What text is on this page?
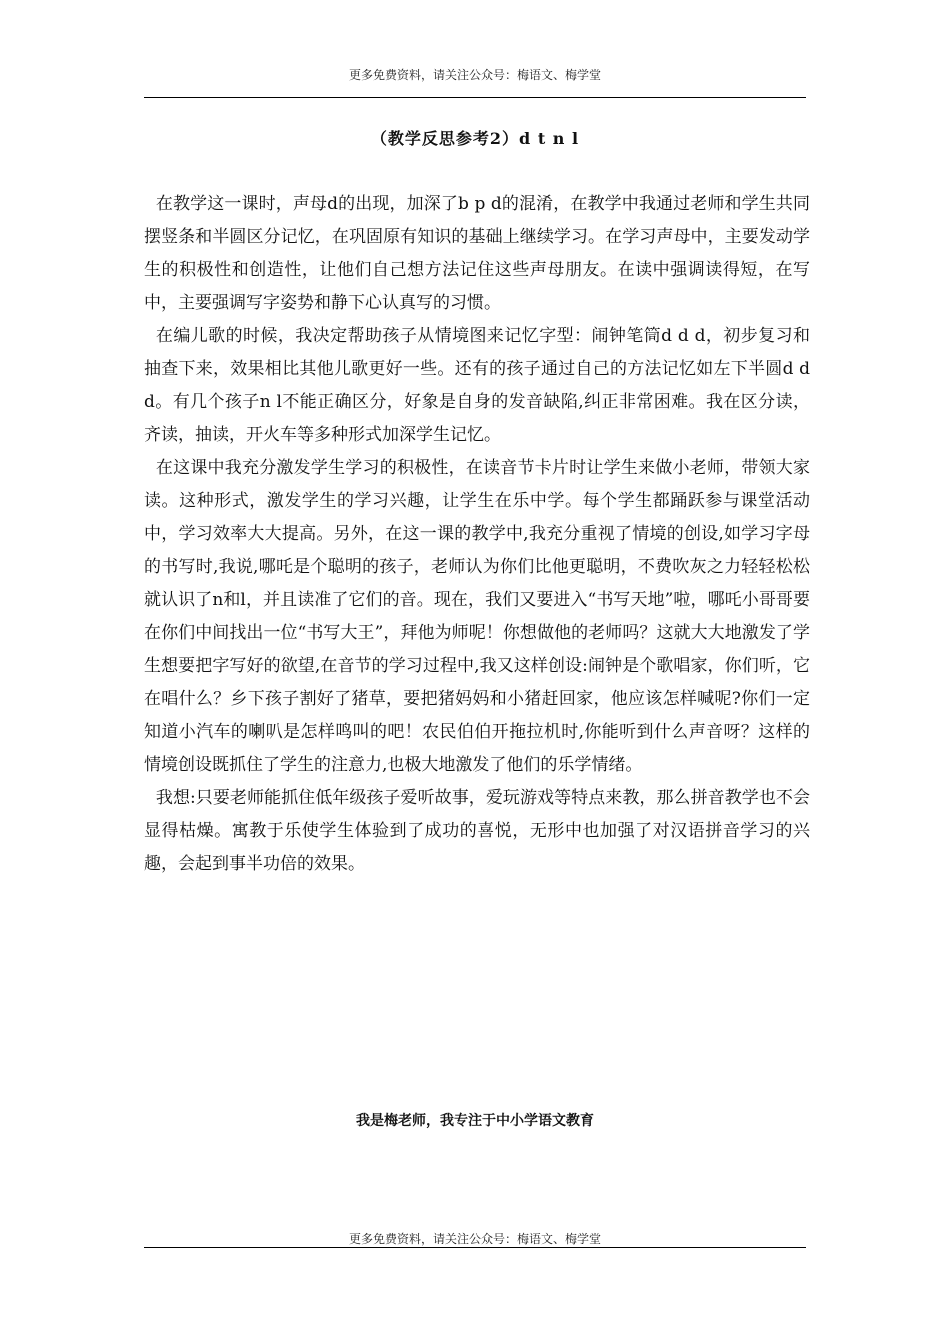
更多免费资料，请关注公众号：梅语文、梅学堂
（教学反思参考2）d t n l

在教学这一课时，声母d的出现，加深了b p d的混淆，在教学中我通过老师和学生共同摆竖条和半圆区分记忆，在巩固原有知识的基础上继续学习。在学习声母中，主要发动学生的积极性和创造性，让他们自己想方法记住这些声母朋友。在读中强调读得短，在写中，主要强调写字姿势和静下心认真写的习惯。

在编儿歌的时候，我决定帮助孩子从情境图来记忆字型：闹钟笔筒d d d，初步复习和抽查下来，效果相比其他儿歌更好一些。还有的孩子通过自己的方法记忆如左下半圆d d d。有几个孩子n l不能正确区分，好象是自身的发音缺陷,纠正非常困难。我在区分读，齐读，抽读，开火车等多种形式加深学生记忆。

在这课中我充分激发学生学习的积极性，在读音节卡片时让学生来做小老师，带领大家读。这种形式，激发学生的学习兴趣，让学生在乐中学。每个学生都踊跃参与课堂活动中，学习效率大大提高。另外，在这一课的教学中,我充分重视了情境的创设,如学习字母的书写时,我说,哪吒是个聪明的孩子，老师认为你们比他更聪明，不费吹灰之力轻轻松松就认识了n和l，并且读准了它们的音。现在，我们又要进入“书写天地”啦，哪吒小哥哥要在你们中间找出一位“书写大王”，拜他为师呢！你想做他的老师吗？这就大大地激发了学生想要把字写好的欲望,在音节的学习过程中,我又这样创设:闹钟是个歌唱家，你们听，它在唱什么？乡下孩子割好了猪草，要把猪妈妈和小猪赶回家，他应该怎样喊呢?你们一定知道小汽车的喇叭是怎样鸣叫的吧！农民伯伯开拖拉机时,你能听到什么声音呀？这样的情境创设既抓住了学生的注意力,也极大地激发了他们的乐学情绪。

我想:只要老师能抓住低年级孩子爱听故事，爱玩游戏等特点来教，那么拼音教学也不会显得枯燥。寓教于乐使学生体验到了成功的喜悦，无形中也加强了对汉语拼音学习的兴趣，会起到事半功倍的效果。

我是梅老师，我专注于中小学语文教育
更多免费资料，请关注公众号：梅语文、梅学堂
